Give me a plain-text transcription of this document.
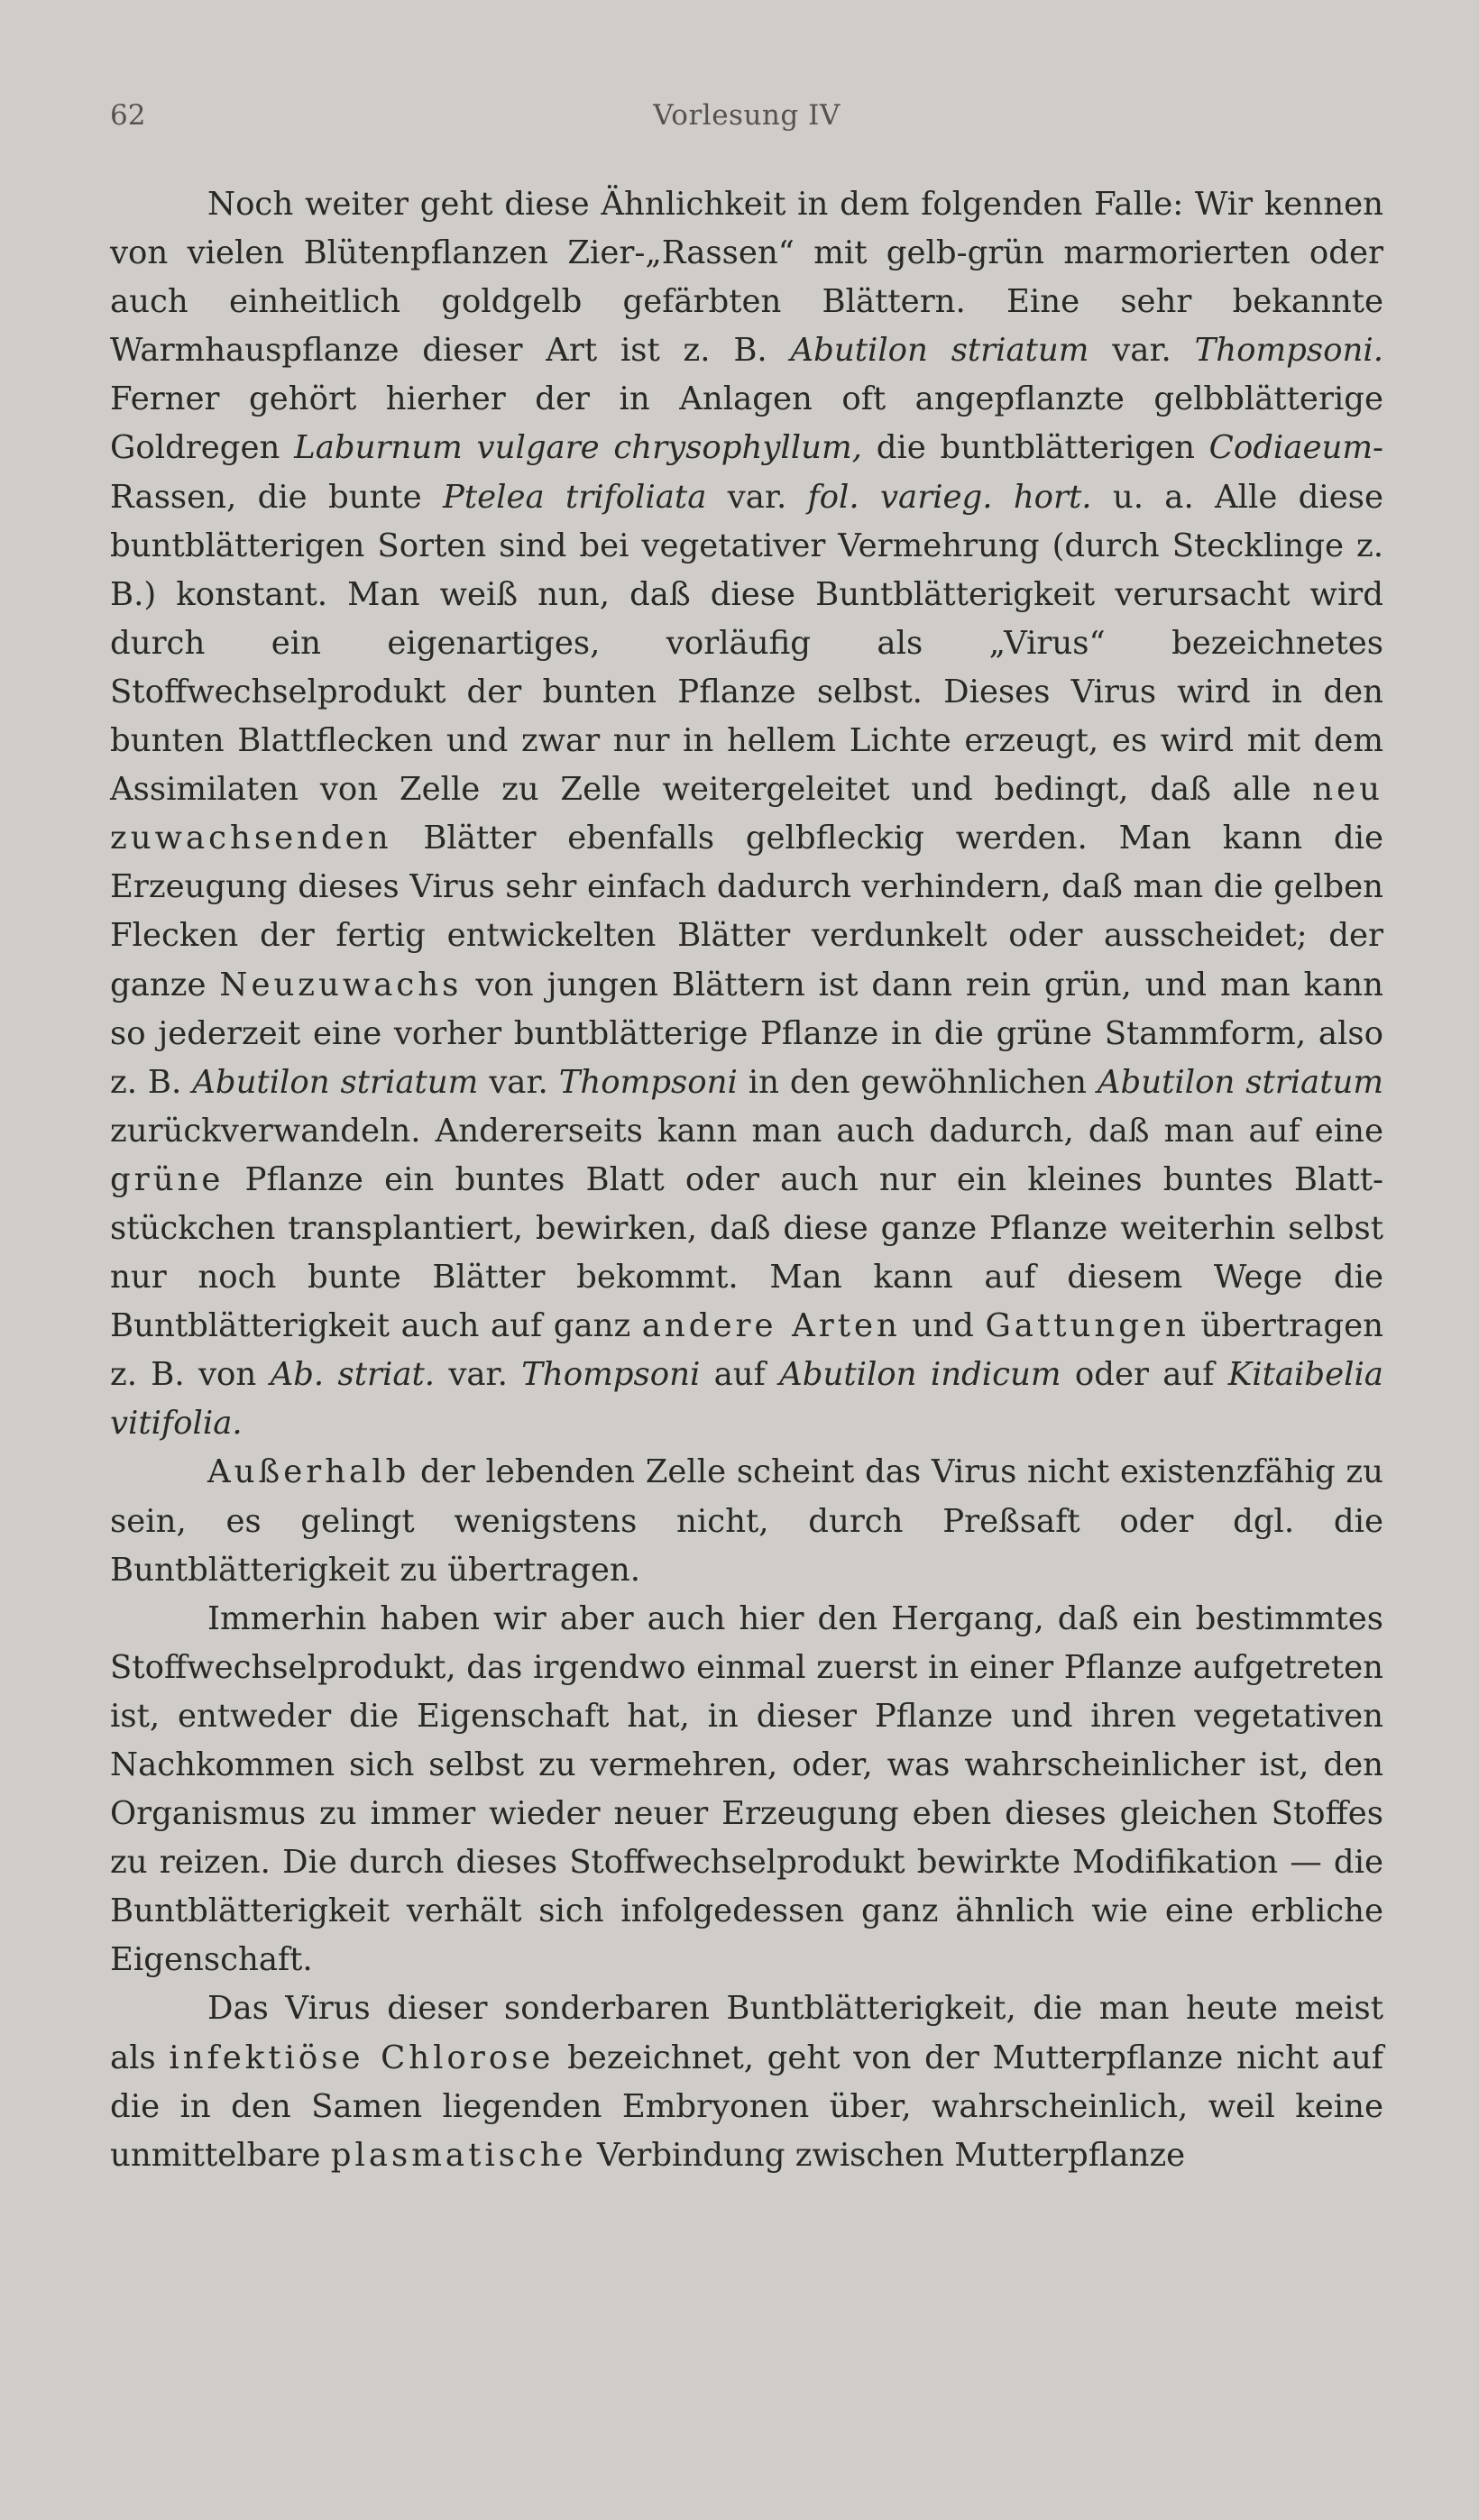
62	Vorlesung IV

Noch weiter geht diese Ähnlichkeit in dem folgenden Falle: Wir kennen von vielen Blütenpflanzen Zier-„Rassen“ mit gelb-grün marmorierten oder auch einheitlich goldgelb gefärbten Blättern. Eine sehr bekannte Warmhauspflanze dieser Art ist z. B. Abutilon striatum var. Thompsoni. Ferner gehört hierher der in Anlagen oft angepflanzte gelbblätterige Goldregen Laburnum vulgare chrysophyllum, die buntblätterigen Codiaeum-Rassen, die bunte Ptelea trifoliata var. fol. varieg. hort. u. a. Alle diese buntblätterigen Sorten sind bei vegetativer Vermehrung (durch Stecklinge z. B.) konstant. Man weiß nun, daß diese Buntblätterigkeit verursacht wird durch ein eigenartiges, vorläufig als „Virus“ bezeichnetes Stoffwechselprodukt der bunten Pflanze selbst. Dieses Virus wird in den bunten Blattflecken und zwar nur in hellem Lichte erzeugt, es wird mit dem Assimilaten von Zelle zu Zelle weitergeleitet und bedingt, daß alle neu zuwachsenden Blätter ebenfalls gelbfleckig werden. Man kann die Erzeugung dieses Virus sehr einfach dadurch verhindern, daß man die gelben Flecken der fertig entwickelten Blätter verdunkelt oder ausscheidet; der ganze Neuzuwachs von jungen Blättern ist dann rein grün, und man kann so jederzeit eine vorher buntblätterige Pflanze in die grüne Stammform, also z. B. Abutilon striatum var. Thompsoni in den gewöhnlichen Abutilon striatum zurückverwandeln. Andererseits kann man auch dadurch, daß man auf eine grüne Pflanze ein buntes Blatt oder auch nur ein kleines buntes Blattstückchen transplantiert, bewirken, daß diese ganze Pflanze weiterhin selbst nur noch bunte Blätter bekommt. Man kann auf diesem Wege die Buntblätterigkeit auch auf ganz andere Arten und Gattungen übertragen z. B. von Ab. striat. var. Thompsoni auf Abutilon indicum oder auf Kitaibelia vitifolia.

Außerhalb der lebenden Zelle scheint das Virus nicht existenzfähig zu sein, es gelingt wenigstens nicht, durch Preßsaft oder dgl. die Buntblätterigkeit zu übertragen.

Immerhin haben wir aber auch hier den Hergang, daß ein bestimmtes Stoffwechselprodukt, das irgendwo einmal zuerst in einer Pflanze aufgetreten ist, entweder die Eigenschaft hat, in dieser Pflanze und ihren vegetativen Nachkommen sich selbst zu vermehren, oder, was wahrscheinlicher ist, den Organismus zu immer wieder neuer Erzeugung eben dieses gleichen Stoffes zu reizen. Die durch dieses Stoffwechselprodukt bewirkte Modifikation — die Buntblätterigkeit verhält sich infolgedessen ganz ähnlich wie eine erbliche Eigenschaft.

Das Virus dieser sonderbaren Buntblätterigkeit, die man heute meist als infektiöse Chlorose bezeichnet, geht von der Mutterpflanze nicht auf die in den Samen liegenden Embryonen über, wahrscheinlich, weil keine unmittelbare plasmatische Verbindung zwischen Mutterpflanze
